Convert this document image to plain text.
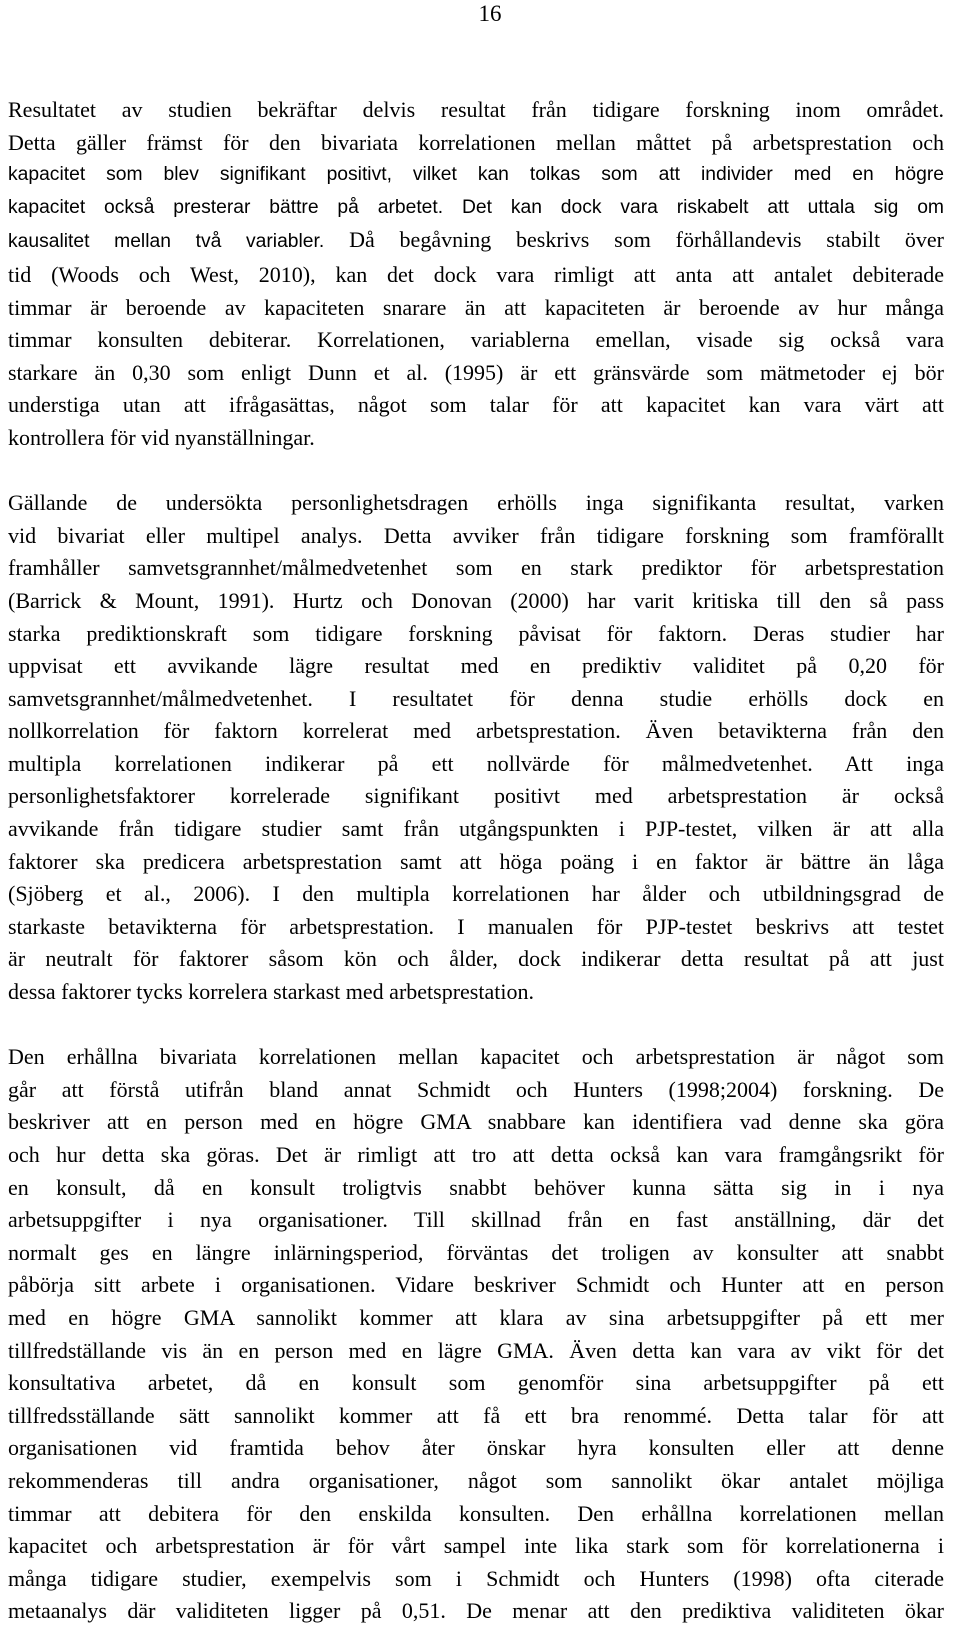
16
Resultatet av studien bekräftar delvis resultat från tidigare forskning inom området.
Detta gäller främst för den bivariata korrelationen mellan måttet på arbetsprestation och
kapacitet som blev signifikant positivt, vilket kan tolkas som att individer med en högre
kapacitet också presterar bättre på arbetet. Det kan dock vara riskabelt att uttala sig om
kausalitet mellan två variabler. Då begåvning beskrivs som förhållandevis stabilt över
tid (Woods och West, 2010), kan det dock vara rimligt att anta att antalet debiterade
timmar är beroende av kapaciteten snarare än att kapaciteten är beroende av hur många
timmar konsulten debiterar. Korrelationen, variablerna emellan, visade sig också vara
starkare än 0,30 som enligt Dunn et al. (1995) är ett gränsvärde som mätmetoder ej bör
understiga utan att ifrågasättas, något som talar för att kapacitet kan vara värt att
kontrollera för vid nyanställningar.
Gällande de undersökta personlighetsdragen erhölls inga signifikanta resultat, varken
vid bivariat eller multipel analys. Detta avviker från tidigare forskning som framförallt
framhåller samvetsgrannhet/målmedvetenhet som en stark prediktor för arbetsprestation
(Barrick & Mount, 1991). Hurtz och Donovan (2000) har varit kritiska till den så pass
starka prediktionskraft som tidigare forskning påvisat för faktorn. Deras studier har
uppvisat ett avvikande lägre resultat med en prediktiv validitet på 0,20 för
samvetsgrannhet/målmedvetenhet. I resultatet för denna studie erhölls dock en
nollkorrelation för faktorn korrelerat med arbetsprestation. Även betavikterna från den
multipla korrelationen indikerar på ett nollvärde för målmedvetenhet. Att inga
personlighetsfaktorer korrelerade signifikant positivt med arbetsprestation är också
avvikande från tidigare studier samt från utgångspunkten i PJP-testet, vilken är att alla
faktorer ska predicera arbetsprestation samt att höga poäng i en faktor är bättre än låga
(Sjöberg et al., 2006). I den multipla korrelationen har ålder och utbildningsgrad de
starkaste betavikterna för arbetsprestation. I manualen för PJP-testet beskrivs att testet
är neutralt för faktorer såsom kön och ålder, dock indikerar detta resultat på att just
dessa faktorer tycks korrelera starkast med arbetsprestation.
Den erhållna bivariata korrelationen mellan kapacitet och arbetsprestation är något som
går att förstå utifrån bland annat Schmidt och Hunters (1998;2004) forskning. De
beskriver att en person med en högre GMA snabbare kan identifiera vad denne ska göra
och hur detta ska göras. Det är rimligt att tro att detta också kan vara framgångsrikt för
en konsult, då en konsult troligtvis snabbt behöver kunna sätta sig in i nya
arbetsuppgifter i nya organisationer. Till skillnad från en fast anställning, där det
normalt ges en längre inlärningsperiod, förväntas det troligen av konsulter att snabbt
påbörja sitt arbete i organisationen. Vidare beskriver Schmidt och Hunter att en person
med en högre GMA sannolikt kommer att klara av sina arbetsuppgifter på ett mer
tillfredställande vis än en person med en lägre GMA. Även detta kan vara av vikt för det
konsultativa arbetet, då en konsult som genomför sina arbetsuppgifter på ett
tillfredsställande sätt sannolikt kommer att få ett bra renommé. Detta talar för att
organisationen vid framtida behov åter önskar hyra konsulten eller att denne
rekommenderas till andra organisationer, något som sannolikt ökar antalet möjliga
timmar att debitera för den enskilda konsulten. Den erhållna korrelationen mellan
kapacitet och arbetsprestation är för vårt sampel inte lika stark som för korrelationerna i
många tidigare studier, exempelvis som i Schmidt och Hunters (1998) ofta citerade
metaanalys där validiteten ligger på 0,51. De menar att den prediktiva validiteten ökar
